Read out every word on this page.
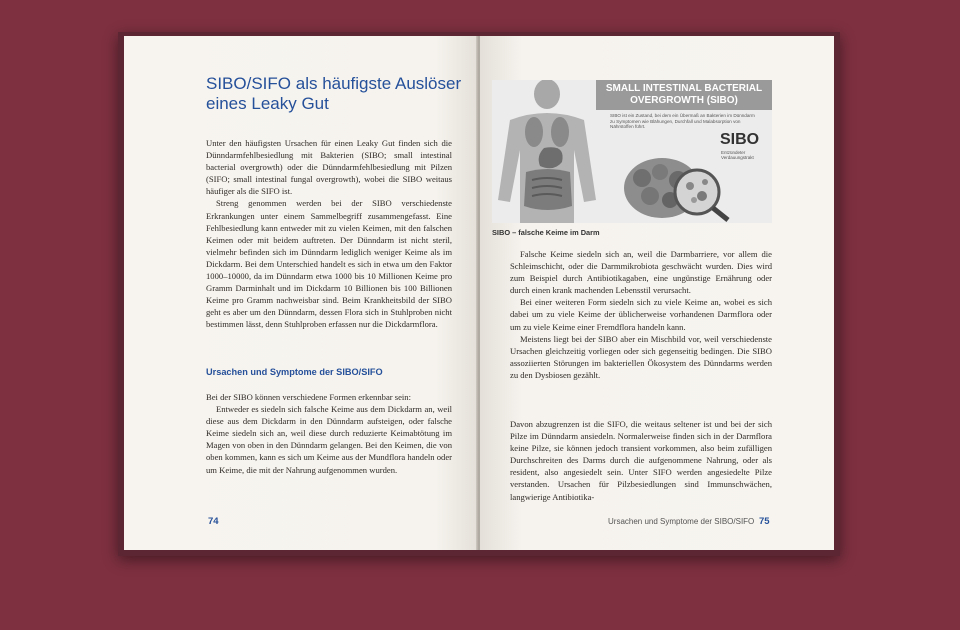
SIBO/SIFO als häufigste Auslöser eines Leaky Gut

Unter den häufigsten Ursachen für einen Leaky Gut finden sich die Dünndarmfehlbesiedlung mit Bakterien (SIBO; small intestinal bacterial overgrowth) oder die Dünndarmfehlbesiedlung mit Pilzen (SIFO; small intestinal fungal overgrowth), wobei die SIBO weitaus häufiger als die SIFO ist.

Streng genommen werden bei der SIBO verschiedenste Erkrankungen unter einem Sammelbegriff zusammengefasst. Eine Fehlbesiedlung kann entweder mit zu vielen Keimen, mit den falschen Keimen oder mit beidem auftreten. Der Dünndarm ist nicht steril, vielmehr befinden sich im Dünndarm lediglich weniger Keime als im Dickdarm. Bei dem Unterschied handelt es sich in etwa um den Faktor 1000–10000, da im Dünndarm etwa 1000 bis 10 Millionen Keime pro Gramm Darminhalt und im Dickdarm 10 Billionen bis 100 Billionen Keime pro Gramm nachweisbar sind. Beim Krankheitsbild der SIBO geht es aber um den Dünndarm, dessen Flora sich in Stuhlproben nicht bestimmen lässt, denn Stuhlproben erfassen nur die Dickdarmflora.

Ursachen und Symptome der SIBO/SIFO

Bei der SIBO können verschiedene Formen erkennbar sein:

Entweder es siedeln sich falsche Keime aus dem Dickdarm an, weil diese aus dem Dickdarm in den Dünndarm aufsteigen, oder falsche Keime siedeln sich an, weil diese durch reduzierte Keimabtötung im Magen von oben in den Dünndarm gelangen. Bei den Keimen, die von oben kommen, kann es sich um Keime aus der Mundflora handeln oder um Keime, die mit der Nahrung aufgenommen wurden.

74
SMALL INTESTINAL BACTERIAL OVERGROWTH (SIBO)
SIBO ist ein Zustand, bei dem ein Übermaß an Bakterien im Dünndarm zu Symptomen wie Blähungen, Durchfall und Malabsorption von Nährstoffen führt.
SIBO
Entzündeter Verdauungstrakt
SIBO – falsche Keime im Darm

Falsche Keime siedeln sich an, weil die Darmbarriere, vor allem die Schleimschicht, oder die Darmmikrobiota geschwächt wurden. Dies wird zum Beispiel durch Antibiotikagaben, eine ungünstige Ernährung oder durch einen krank machenden Lebensstil verursacht.

Bei einer weiteren Form siedeln sich zu viele Keime an, wobei es sich dabei um zu viele Keime der üblicherweise vorhandenen Darmflora oder um zu viele Keime einer Fremdflora handeln kann.

Meistens liegt bei der SIBO aber ein Mischbild vor, weil verschiedenste Ursachen gleichzeitig vorliegen oder sich gegenseitig bedingen. Die SIBO assoziierten Störungen im bakteriellen Ökosystem des Dünndarms werden zu den Dysbiosen gezählt.

Davon abzugrenzen ist die SIFO, die weitaus seltener ist und bei der sich Pilze im Dünndarm ansiedeln. Normalerweise finden sich in der Darmflora keine Pilze, sie können jedoch transient vorkommen, also beim zufälligen Durchschreiten des Darms durch die aufgenommene Nahrung, oder als resident, also angesiedelt sein. Unter SIFO werden angesiedelte Pilze verstanden. Ursachen für Pilzbesiedlungen sind Immunschwächen, langwierige Antibiotika-

Ursachen und Symptome der SIBO/SIFO 75
